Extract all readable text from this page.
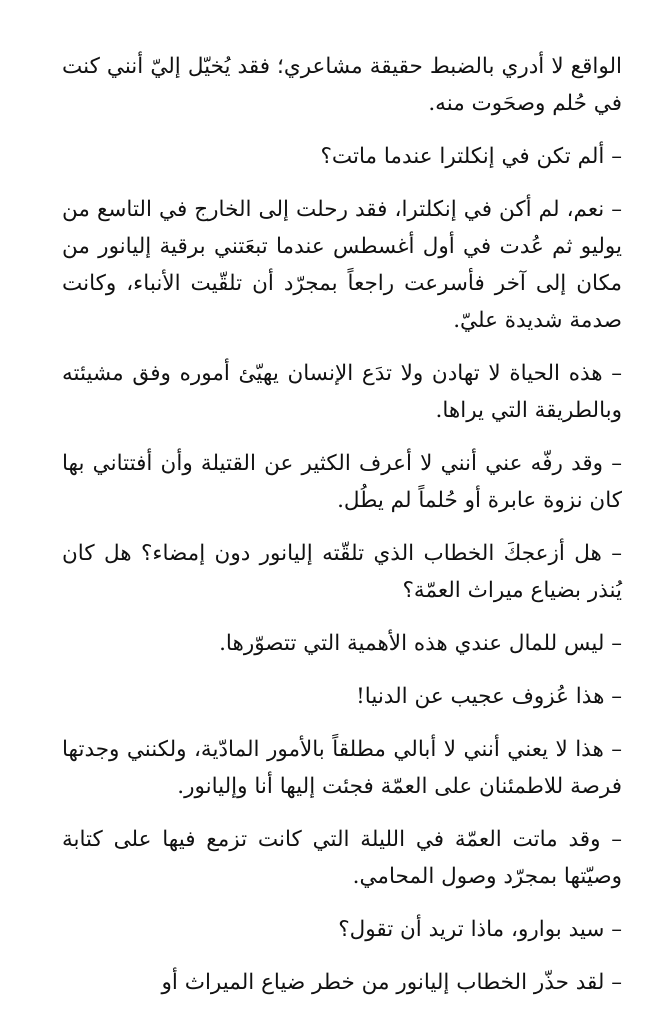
الواقع لا أدري بالضبط حقيقة مشاعري؛ فقد يُخيّل إليّ أنني كنت في حُلم وصحَوت منه.

– ألم تكن في إنكلترا عندما ماتت؟

– نعم، لم أكن في إنكلترا، فقد رحلت إلى الخارج في التاسع من يوليو ثم عُدت في أول أغسطس عندما تبعَتني برقية إليانور من مكان إلى آخر فأسرعت راجعاً بمجرّد أن تلقّيت الأنباء، وكانت صدمة شديدة عليّ.

– هذه الحياة لا تهادن ولا تدَع الإنسان يهيّئ أموره وفق مشيئته وبالطريقة التي يراها.

– وقد رفّه عني أنني لا أعرف الكثير عن القتيلة وأن أفتتاني بها كان نزوة عابرة أو حُلماً لم يطُل.

– هل أزعجكَ الخطاب الذي تلقّته إليانور دون إمضاء؟ هل كان يُنذر بضياع ميراث العمّة؟

– ليس للمال عندي هذه الأهمية التي تتصوّرها.

– هذا عُزوف عجيب عن الدنيا!

– هذا لا يعني أنني لا أبالي مطلقاً بالأمور المادّية، ولكنني وجدتها فرصة للاطمئنان على العمّة فجئت إليها أنا وإليانور.

– وقد ماتت العمّة في الليلة التي كانت تزمع فيها على كتابة وصيّتها بمجرّد وصول المحامي.

– سيد بوارو، ماذا تريد أن تقول؟

– لقد حذّر الخطاب إليانور من خطر ضياع الميراث أو
